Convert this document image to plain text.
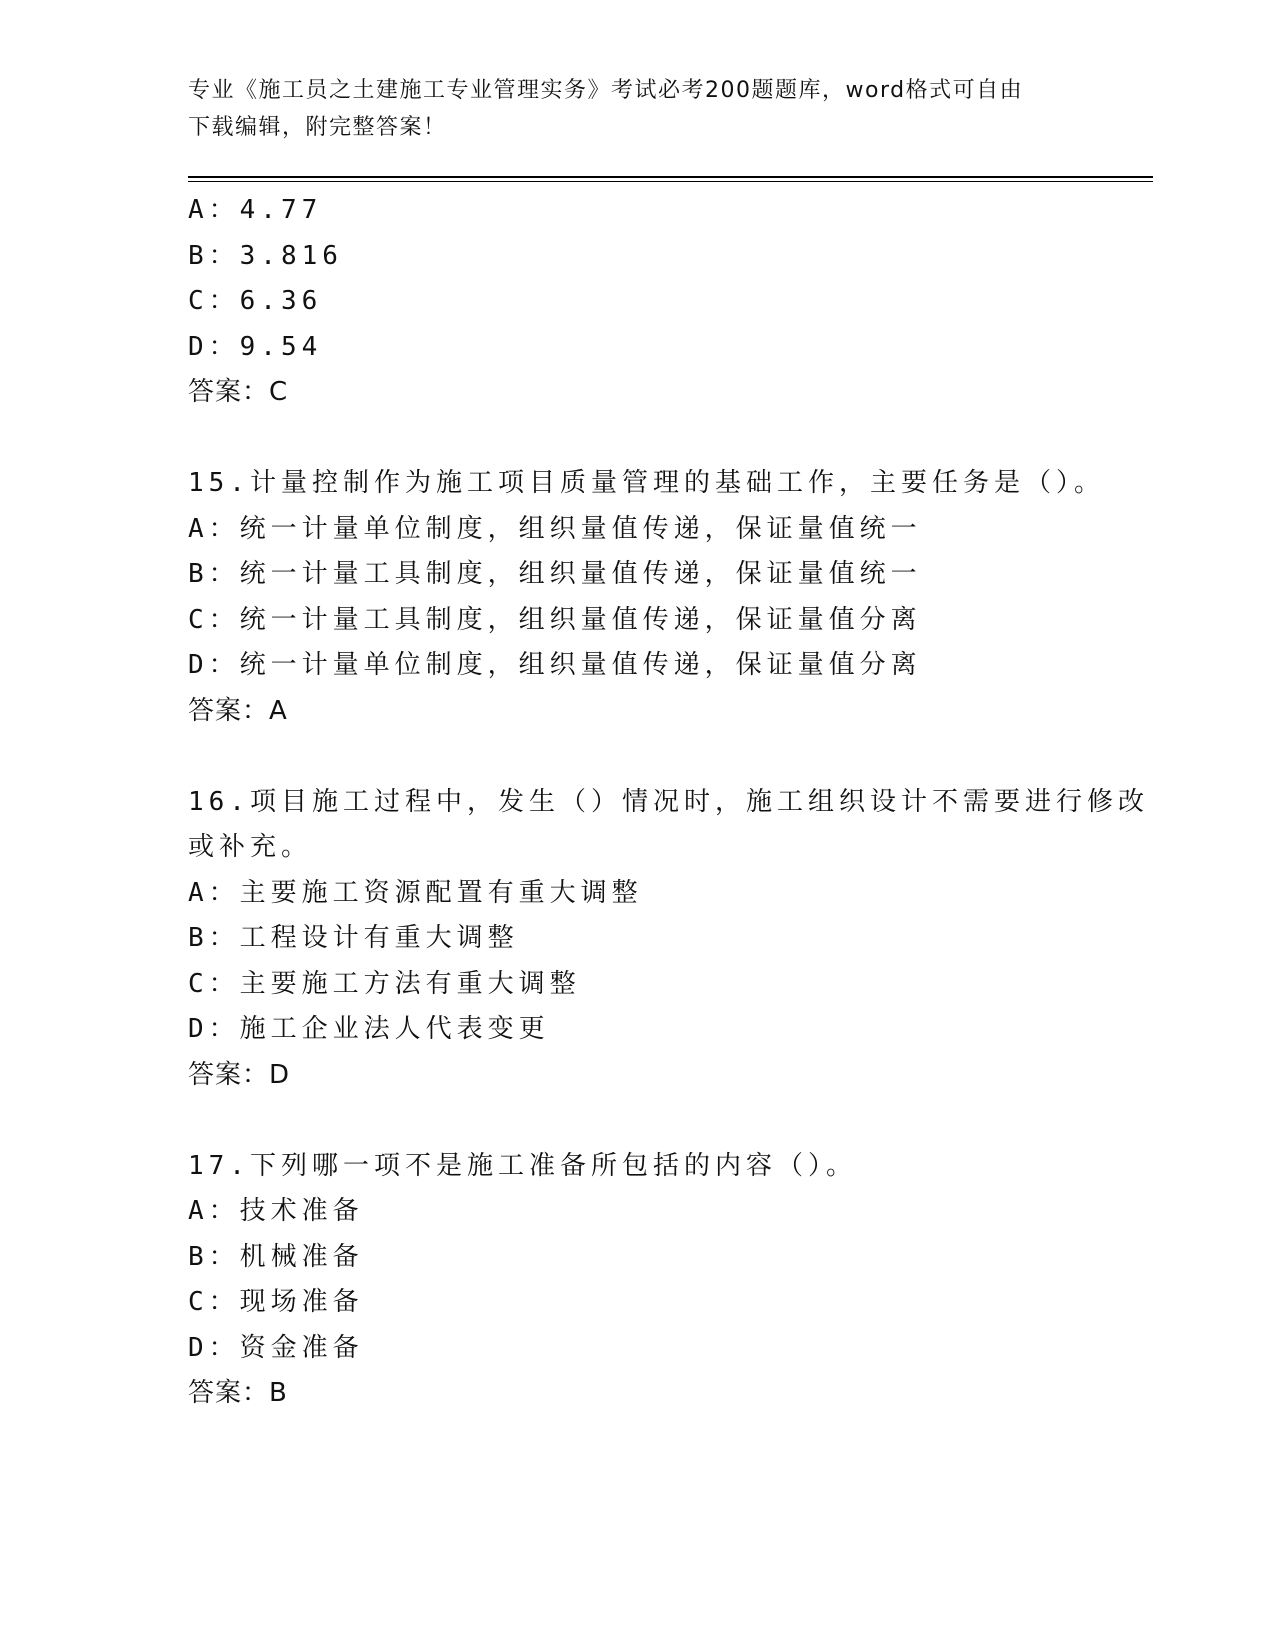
专业《施工员之土建施工专业管理实务》考试必考200题题库，word格式可自由
下载编辑，附完整答案！
A：4.77
B：3.816
C：6.36
D：9.54
答案：C
15.计量控制作为施工项目质量管理的基础工作，主要任务是（）。
A：统一计量单位制度，组织量值传递，保证量值统一
B：统一计量工具制度，组织量值传递，保证量值统一
C：统一计量工具制度，组织量值传递，保证量值分离
D：统一计量单位制度，组织量值传递，保证量值分离
答案：A
16.项目施工过程中，发生（）情况时，施工组织设计不需要进行修改
或补充。
A：主要施工资源配置有重大调整
B：工程设计有重大调整
C：主要施工方法有重大调整
D：施工企业法人代表变更
答案：D
17.下列哪一项不是施工准备所包括的内容（）。
A：技术准备
B：机械准备
C：现场准备
D：资金准备
答案：B
